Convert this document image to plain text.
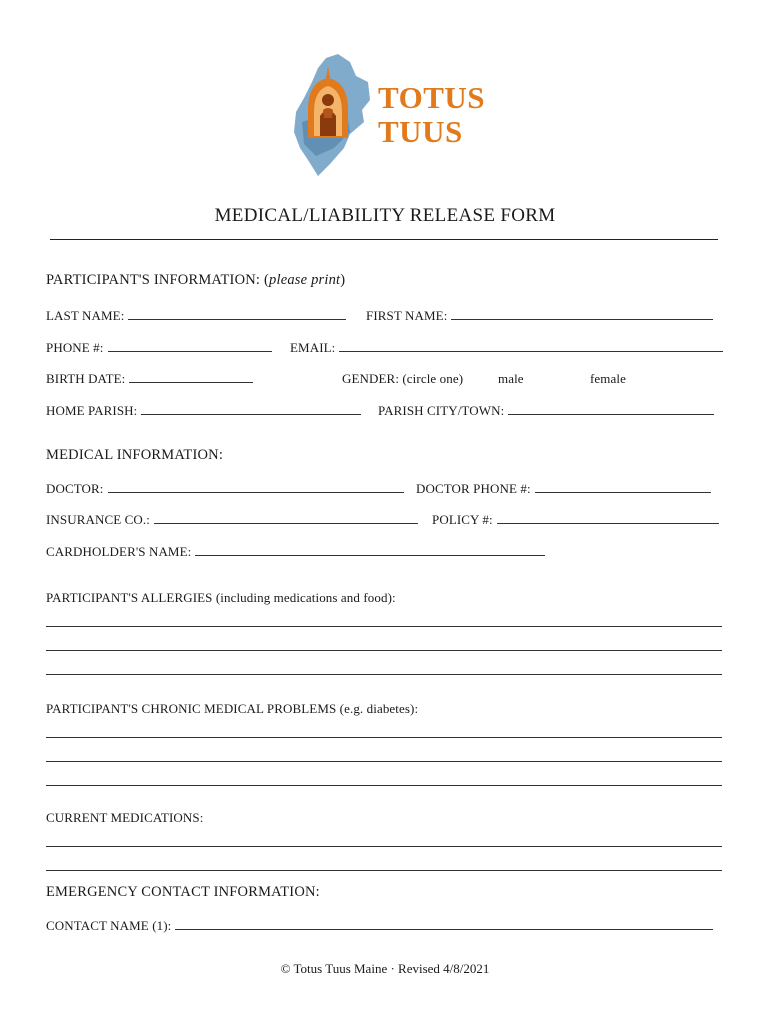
TOTUS
TUUS
MEDICAL/LIABILITY RELEASE FORM
PARTICIPANT'S INFORMATION: (please print)
LAST NAME:	FIRST NAME:
PHONE #:	EMAIL:
BIRTH DATE:	GENDER: (circle one)	male	female
HOME PARISH:	PARISH CITY/TOWN:
MEDICAL INFORMATION:
DOCTOR:	DOCTOR PHONE #:
INSURANCE CO.:	POLICY #:
CARDHOLDER'S NAME:
PARTICIPANT'S ALLERGIES (including medications and food):
PARTICIPANT'S CHRONIC MEDICAL PROBLEMS (e.g. diabetes):
CURRENT MEDICATIONS:
EMERGENCY CONTACT INFORMATION:
CONTACT NAME (1):
© Totus Tuus Maine · Revised 4/8/2021
